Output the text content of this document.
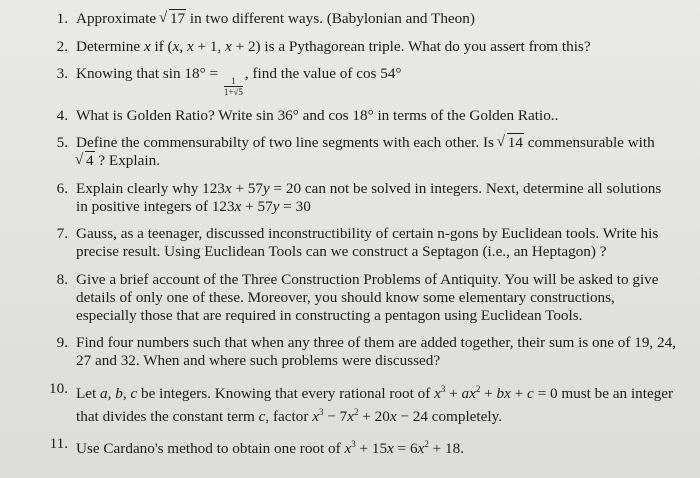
1. Approximate √ 17 in two different ways. (Babylonian and Theon)
2. Determine x if (x, x + 1, x + 2) is a Pythagorean triple. What do you assert from this?
3. Knowing that sin 18° =
$\frac{1}{1+√5}$
, find the value of cos 54°
4. What is Golden Ratio? Write sin 36° and cos 18° in terms of the Golden Ratio..
5. Define the commensurabilty of two line segments with each other. Is √ 14 commensurable with √ 4 ? Explain.
6. Explain clearly why 123x + 57y = 20 can not be solved in integers. Next, determine all solutions in positive integers of 123x + 57y = 30
7. Gauss, as a teenager, discussed inconstructibility of certain n-gons by Euclidean tools. Write his precise result. Using Euclidean Tools can we construct a Septagon (i.e., an Heptagon) ?
8. Give a brief account of the Three Construction Problems of Antiquity. You will be asked to give details of only one of these. Moreover, you should know some elementary constructions, especially those that are required in constructing a pentagon using Euclidean Tools.
9. Find four numbers such that when any three of them are added together, their sum is one of 19, 24, 27 and 32. When and where such problems were discussed?
10. Let a, b, c be integers. Knowing that every rational root of $x^3 + ax^2$ + bx + c = 0 must be an integer that divides the constant term c, factor $x^3 - 7x^2 + 20x - 24$ completely.
11. Use Cardano's method to obtain one root of $x^3 + 15x = 6x^2 + 18$.
